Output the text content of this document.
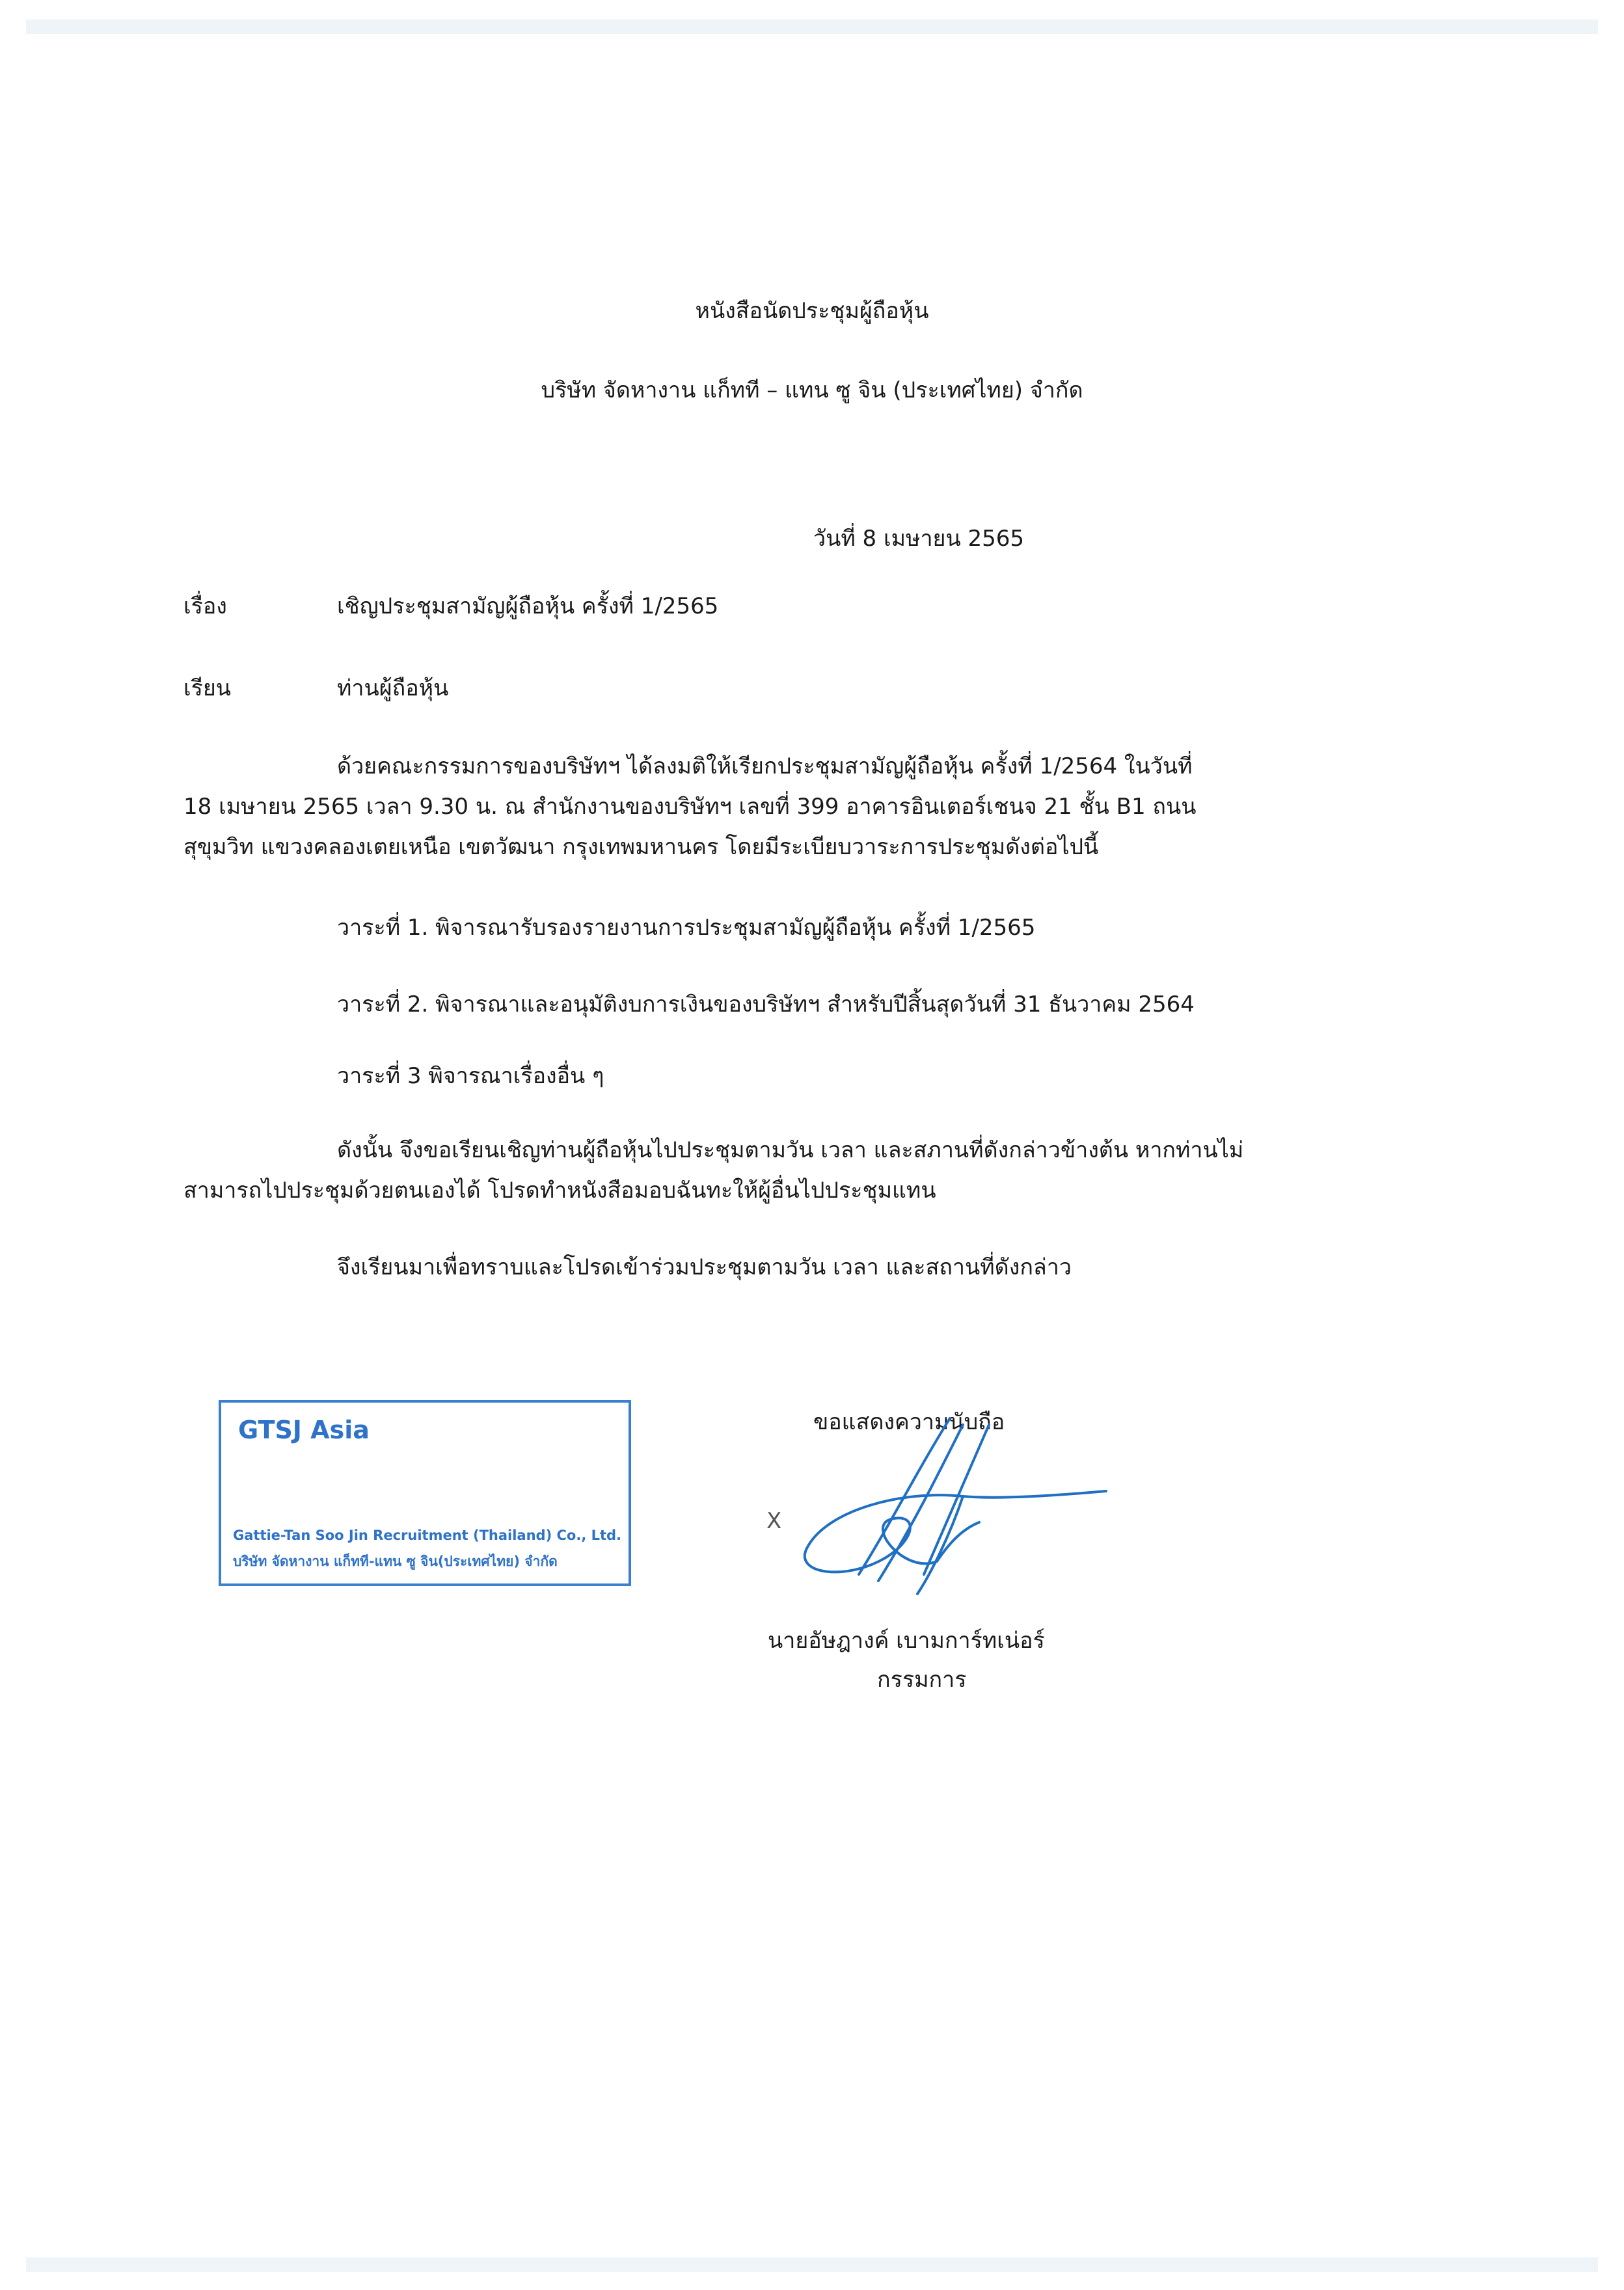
หนังสือนัดประชุมผู้ถือหุ้น
บริษัท จัดหางาน แก็ทที – แทน ซู จิน (ประเทศไทย) จำกัด
วันที่ 8 เมษายน 2565
เรื่อง	เชิญประชุมสามัญผู้ถือหุ้น ครั้งที่ 1/2565
เรียน	ท่านผู้ถือหุ้น
ด้วยคณะกรรมการของบริษัทฯ ได้ลงมติให้เรียกประชุมสามัญผู้ถือหุ้น ครั้งที่ 1/2564 ในวันที่
18 เมษายน 2565 เวลา 9.30 น. ณ สำนักงานของบริษัทฯ เลขที่ 399 อาคารอินเตอร์เชนจ 21 ชั้น B1 ถนน
สุขุมวิท แขวงคลองเตยเหนือ เขตวัฒนา กรุงเทพมหานคร โดยมีระเบียบวาระการประชุมดังต่อไปนี้
วาระที่ 1. พิจารณารับรองรายงานการประชุมสามัญผู้ถือหุ้น ครั้งที่ 1/2565
วาระที่ 2. พิจารณาและอนุมัติงบการเงินของบริษัทฯ สำหรับปีสิ้นสุดวันที่ 31 ธันวาคม 2564
วาระที่ 3 พิจารณาเรื่องอื่น ๆ
ดังนั้น จึงขอเรียนเชิญท่านผู้ถือหุ้นไปประชุมตามวัน เวลา และสภานที่ดังกล่าวข้างต้น หากท่านไม่
สามารถไปประชุมด้วยตนเองได้ โปรดทำหนังสือมอบฉันทะให้ผู้อื่นไปประชุมแทน
จึงเรียนมาเพื่อทราบและโปรดเข้าร่วมประชุมตามวัน เวลา และสถานที่ดังกล่าว
GTSJ Asia
Gattie-Tan Soo Jin Recruitment (Thailand) Co., Ltd.
บริษัท จัดหางาน แก็ทที-แทน ซู จิน(ประเทศไทย) จำกัด
ขอแสดงความนับถือ
X
นายอัษฎางค์ เบามการ์ทเน่อร์
กรรมการ
